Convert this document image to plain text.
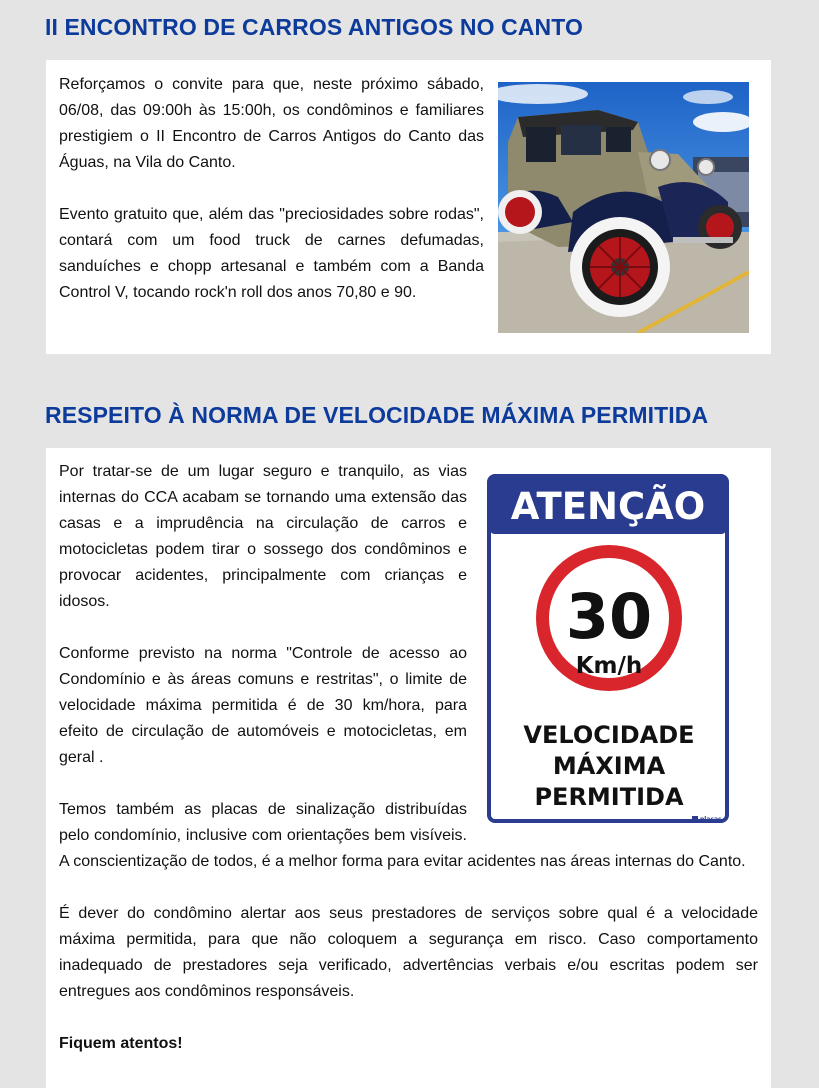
II ENCONTRO DE CARROS ANTIGOS NO CANTO

Reforçamos o convite para que, neste próximo sábado, 06/08, das 09:00h às 15:00h, os condôminos e familiares prestigiem o II Encontro de Carros Antigos do Canto das Águas, na Vila do Canto.

Evento gratuito que, além das "preciosidades sobre rodas", contará com um food truck de carnes defumadas, sanduíches e chopp artesanal e também com a Banda Control V, tocando rock'n roll dos anos 70,80 e 90.

RESPEITO À NORMA DE VELOCIDADE MÁXIMA PERMITIDA
ATENÇÃO
30
Km/h
VELOCIDADE
MÁXIMA
PERMITIDA
placas

Por tratar-se de um lugar seguro e tranquilo, as vias internas do CCA acabam se tornando uma extensão das casas e a imprudência na circulação de carros e motocicletas podem tirar o sossego dos condôminos e provocar acidentes, principalmente com crianças e idosos.

Conforme previsto na norma "Controle de acesso ao Condomínio e às áreas comuns e restritas", o limite de velocidade máxima permitida é de 30 km/hora, para efeito de circulação de automóveis e motocicletas, em geral .

Temos também as placas de sinalização distribuídas pelo condomínio, inclusive com orientações bem visíveis. A conscientização de todos, é a melhor forma para evitar acidentes nas áreas internas do Canto.

É dever do condômino alertar aos seus prestadores de serviços sobre qual é a velocidade máxima permitida, para que não coloquem a segurança em risco. Caso comportamento inadequado de prestadores seja verificado, advertências verbais e/ou escritas podem ser entregues aos condôminos responsáveis.

Fiquem atentos!
